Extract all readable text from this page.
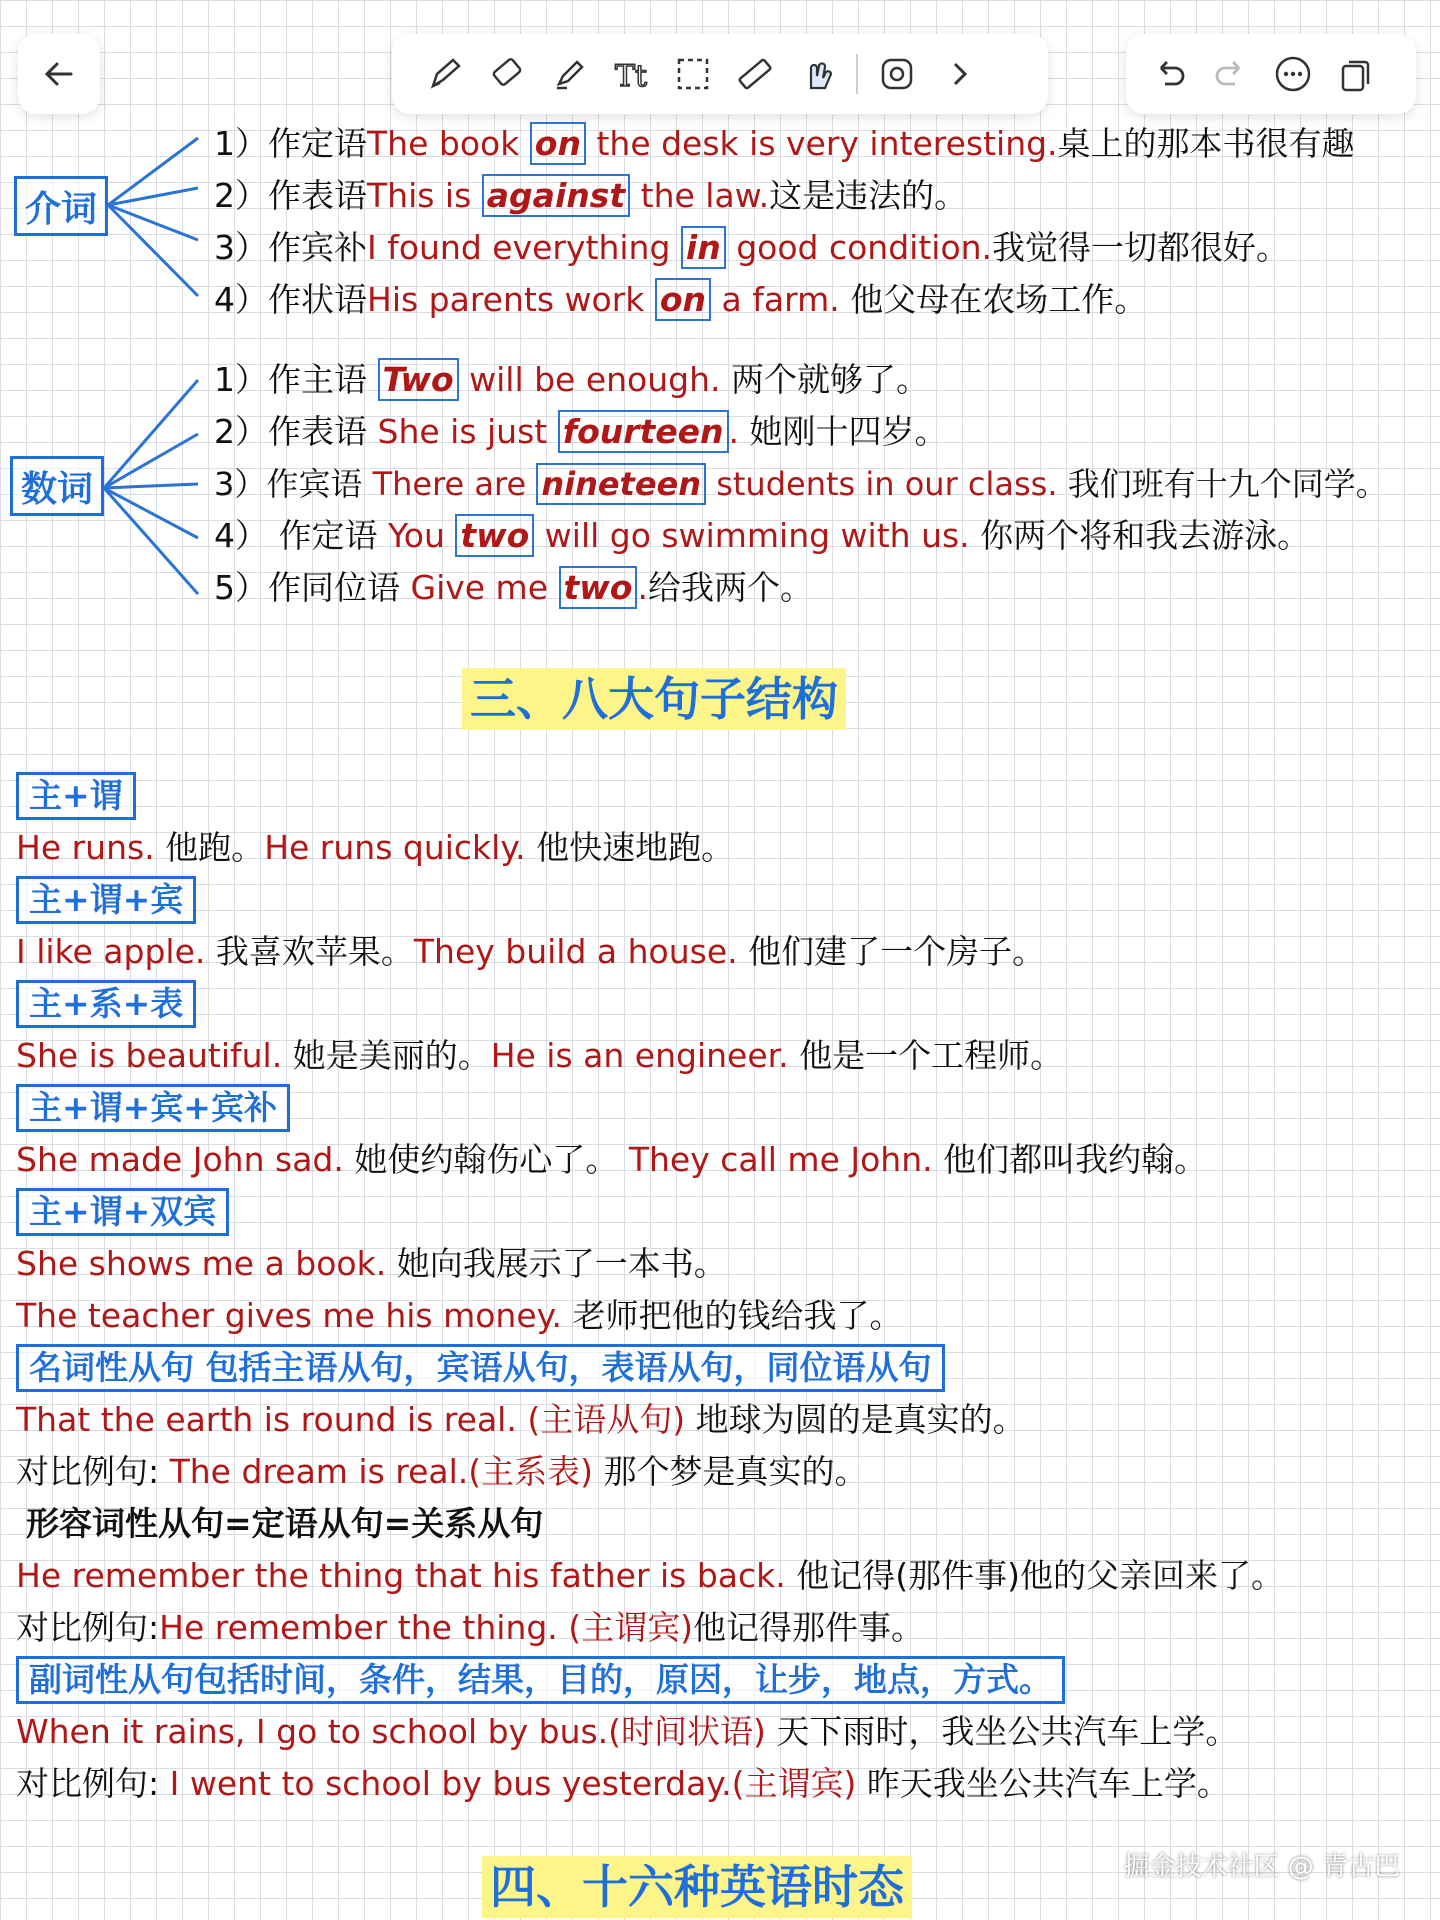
Tt
介词
1）作定语The book on the desk is very interesting.桌上的那本书很有趣
2）作表语This is against the law.这是违法的。
3）作宾补I found everything in good condition.我觉得一切都很好。
4）作状语His parents work on a farm. 他父母在农场工作。
数词
1）作主语 Two will be enough. 两个就够了。
2）作表语 She is just fourteen . 她刚十四岁。
3）作宾语 There are nineteen students in our class. 我们班有十九个同学。
4） 作定语 You two will go swimming with us. 你两个将和我去游泳。
5）作同位语 Give me two .给我两个。
三、八大句子结构
主+谓
He runs. 他跑。He runs quickly. 他快速地跑。
主+谓+宾
I like apple. 我喜欢苹果。They build a house. 他们建了一个房子。
主+系+表
She is beautiful. 她是美丽的。He is an engineer. 他是一个工程师。
主+谓+宾+宾补
She made John sad. 她使约翰伤心了。 They call me John. 他们都叫我约翰。
主+谓+双宾
She shows me a book. 她向我展示了一本书。
The teacher gives me his money. 老师把他的钱给我了。
名词性从句 包括主语从句，宾语从句，表语从句，同位语从句
That the earth is round is real. (主语从句) 地球为圆的是真实的。
对比例句: The dream is real.(主系表) 那个梦是真实的。
形容词性从句=定语从句=关系从句
He remember the thing that his father is back. 他记得(那件事)他的父亲回来了。
对比例句:He remember the thing. (主谓宾)他记得那件事。
副词性从句包括时间，条件，结果，目的，原因，让步，地点，方式。
When it rains, I go to school by bus.(时间状语) 天下雨时，我坐公共汽车上学。
对比例句: I went to school by bus yesterday.(主谓宾) 昨天我坐公共汽车上学。
四、十六种英语时态	掘金技术社区 @ 青古巴
